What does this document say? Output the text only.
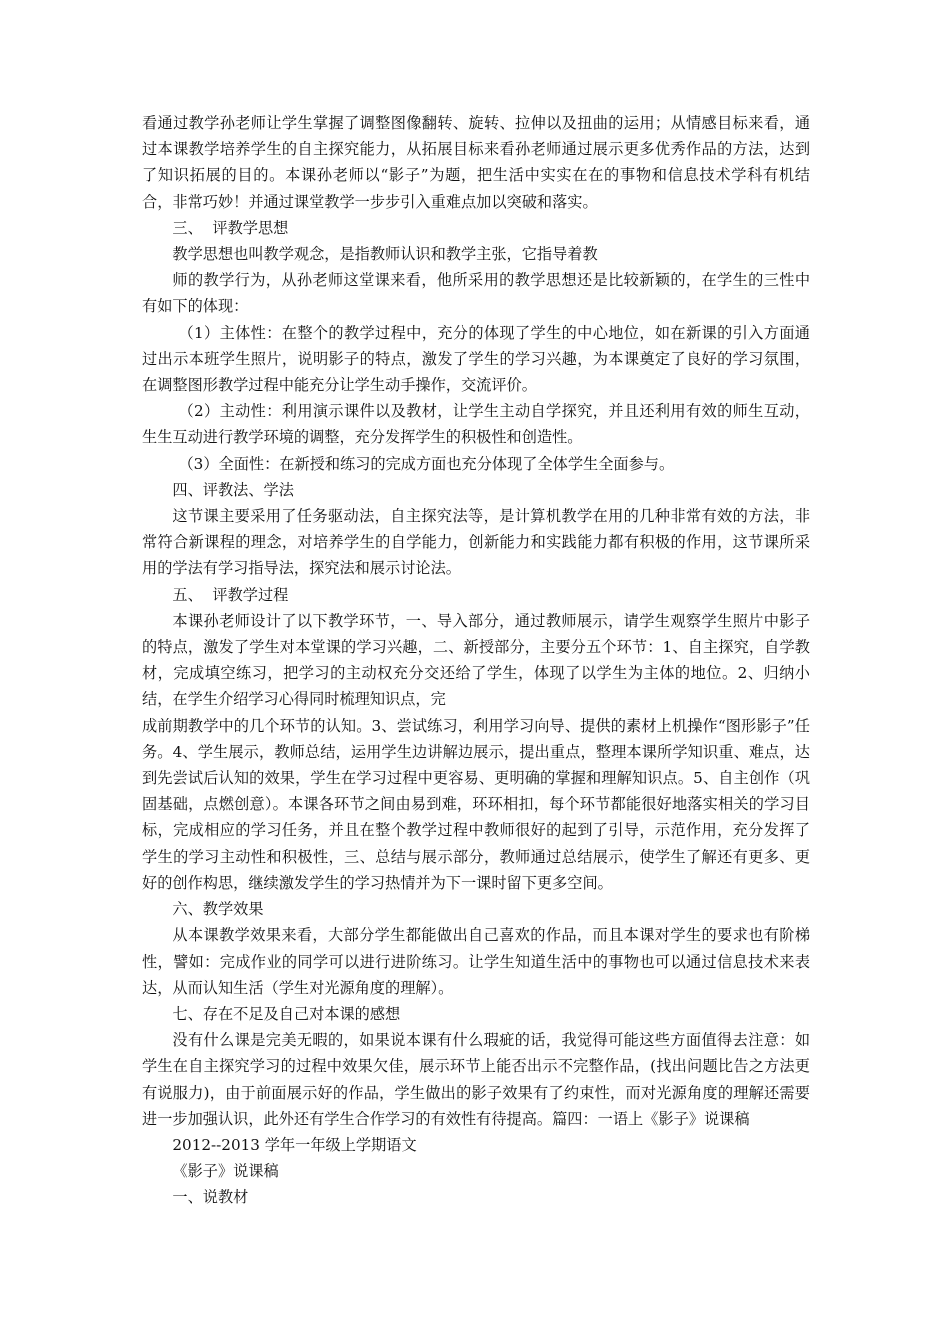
看通过教学孙老师让学生掌握了调整图像翻转、旋转、拉伸以及扭曲的运用；从情感目标来看，通过本课教学培养学生的自主探究能力，从拓展目标来看孙老师通过展示更多优秀作品的方法，达到了知识拓展的目的。本课孙老师以“影子”为题，把生活中实实在在的事物和信息技术学科有机结合，非常巧妙！并通过课堂教学一步步引入重难点加以突破和落实。

三、  评教学思想

教学思想也叫教学观念，是指教师认识和教学主张，它指导着教

师的教学行为，从孙老师这堂课来看，他所采用的教学思想还是比较新颖的，在学生的三性中有如下的体现：

（1）主体性：在整个的教学过程中，充分的体现了学生的中心地位，如在新课的引入方面通过出示本班学生照片，说明影子的特点，激发了学生的学习兴趣，为本课奠定了良好的学习氛围，在调整图形教学过程中能充分让学生动手操作，交流评价。

（2）主动性：利用演示课件以及教材，让学生主动自学探究，并且还利用有效的师生互动，生生互动进行教学环境的调整，充分发挥学生的积极性和创造性。

（3）全面性：在新授和练习的完成方面也充分体现了全体学生全面参与。

四、评教法、学法

这节课主要采用了任务驱动法，自主探究法等，是计算机教学在用的几种非常有效的方法，非常符合新课程的理念，对培养学生的自学能力，创新能力和实践能力都有积极的作用，这节课所采用的学法有学习指导法，探究法和展示讨论法。

五、  评教学过程

本课孙老师设计了以下教学环节，一、导入部分，通过教师展示，请学生观察学生照片中影子的特点，激发了学生对本堂课的学习兴趣，二、新授部分，主要分五个环节：1、自主探究，自学教材，完成填空练习，把学习的主动权充分交还给了学生，体现了以学生为主体的地位。2、归纳小结，在学生介绍学习心得同时梳理知识点，完

成前期教学中的几个环节的认知。3、尝试练习，利用学习向导、提供的素材上机操作“图形影子”任务。4、学生展示，教师总结，运用学生边讲解边展示，提出重点，整理本课所学知识重、难点，达到先尝试后认知的效果，学生在学习过程中更容易、更明确的掌握和理解知识点。5、自主创作（巩固基础，点燃创意）。本课各环节之间由易到难，环环相扣，每个环节都能很好地落实相关的学习目标，完成相应的学习任务，并且在整个教学过程中教师很好的起到了引导，示范作用，充分发挥了学生的学习主动性和积极性，三、总结与展示部分，教师通过总结展示，使学生了解还有更多、更好的创作构思，继续激发学生的学习热情并为下一课时留下更多空间。

六、教学效果

从本课教学效果来看，大部分学生都能做出自己喜欢的作品，而且本课对学生的要求也有阶梯性，譬如：完成作业的同学可以进行进阶练习。让学生知道生活中的事物也可以通过信息技术来表达，从而认知生活（学生对光源角度的理解）。

七、存在不足及自己对本课的感想

没有什么课是完美无暇的，如果说本课有什么瑕疵的话，我觉得可能这些方面值得去注意：如学生在自主探究学习的过程中效果欠佳，展示环节上能否出示不完整作品，(找出问题比告之方法更有说服力)，由于前面展示好的作品，学生做出的影子效果有了约束性，而对光源角度的理解还需要进一步加强认识，此外还有学生合作学习的有效性有待提高。篇四：一语上《影子》说课稿

2012--2013 学年一年级上学期语文

《影子》说课稿

一、说教材
